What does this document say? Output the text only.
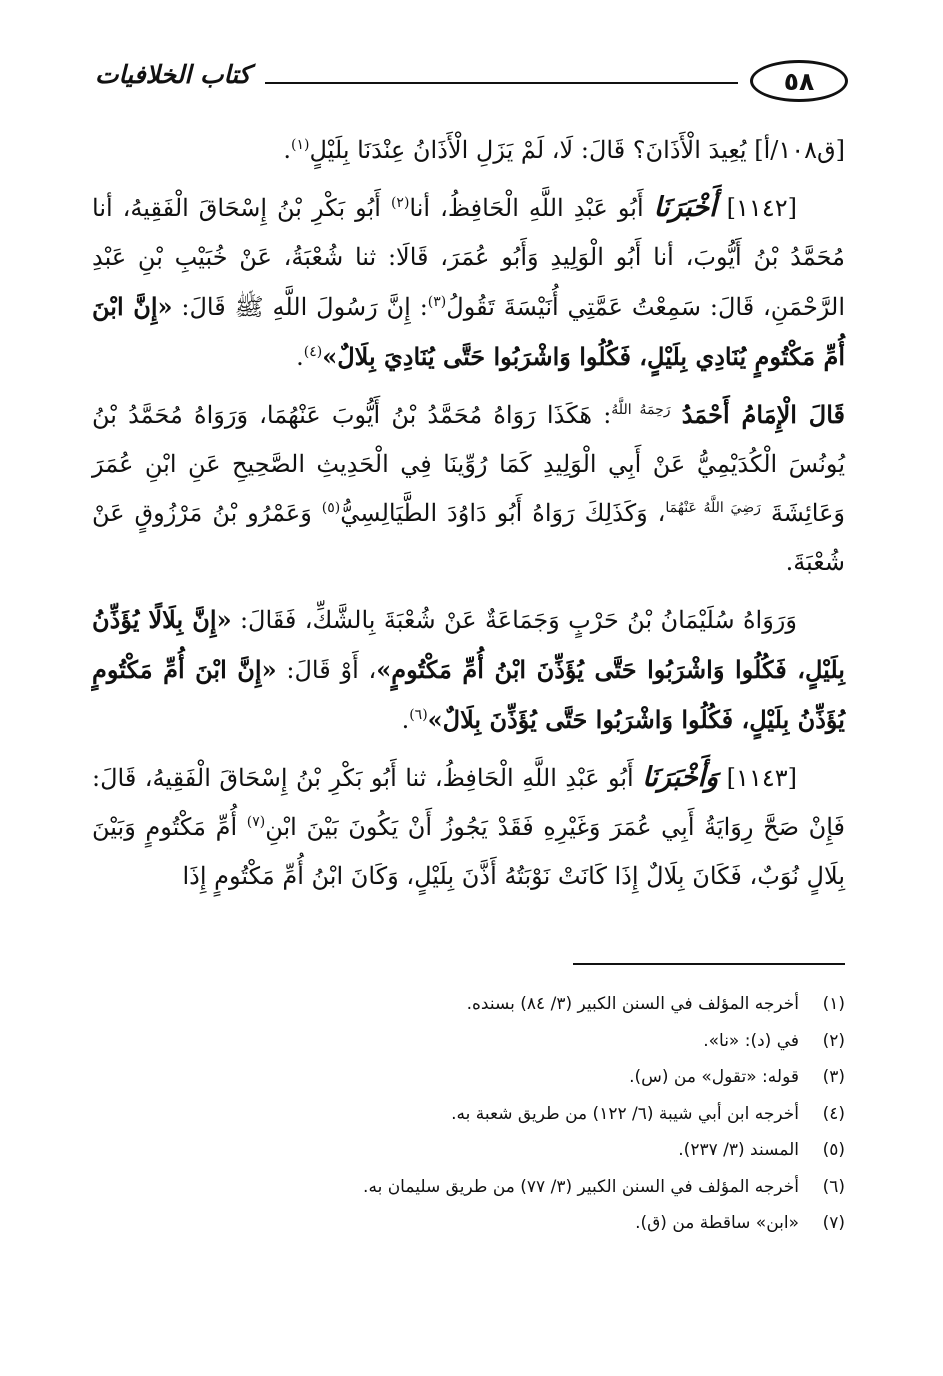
٥٨
كتاب الخلافيات

[ق١٠٨/أ] يُعِيدَ الْأَذَانَ؟ قَالَ: لَا، لَمْ يَزَلِ الْأَذَانُ عِنْدَنَا بِلَيْلٍ$^{(١)}$.

[١١٤٢] أَخْبَرَنَا أَبُو عَبْدِ اللَّهِ الْحَافِظُ، أنا$^{(٢)}$ أَبُو بَكْرِ بْنُ إِسْحَاقَ الْفَقِيهُ، أنا مُحَمَّدُ بْنُ أَيُّوبَ، أنا أَبُو الْوَلِيدِ وَأَبُو عُمَرَ، قَالَا: ثنا شُعْبَةُ، عَنْ خُبَيْبِ بْنِ عَبْدِ الرَّحْمَنِ، قَالَ: سَمِعْتُ عَمَّتِي أُنَيْسَةَ تَقُولُ$^{(٣)}$: إِنَّ رَسُولَ اللَّهِ ﷺ قَالَ: «إِنَّ ابْنَ أُمِّ مَكْتُومٍ يُنَادِي بِلَيْلٍ، فَكُلُوا وَاشْرَبُوا حَتَّى يُنَادِيَ بِلَالٌ»$^{(٤)}$.

قَالَ الْإِمَامُ أَحْمَدُ $^{رَحِمَهُ اللَّهُ}$: هَكَذَا رَوَاهُ مُحَمَّدُ بْنُ أَيُّوبَ عَنْهُمَا، وَرَوَاهُ مُحَمَّدُ بْنُ يُونُسَ الْكُدَيْمِيُّ عَنْ أَبِي الْوَلِيدِ كَمَا رُوِّينَا فِي الْحَدِيثِ الصَّحِيحِ عَنِ ابْنِ عُمَرَ وَعَائِشَةَ $^{رَضِيَ اللَّهُ عَنْهُمَا}$، وَكَذَلِكَ رَوَاهُ أَبُو دَاوُدَ الطَّيَالِسِيُّ$^{(٥)}$ وَعَمْرُو بْنُ مَرْزُوقٍ عَنْ شُعْبَةَ.

وَرَوَاهُ سُلَيْمَانُ بْنُ حَرْبٍ وَجَمَاعَةٌ عَنْ شُعْبَةَ بِالشَّكِّ، فَقَالَ: «إِنَّ بِلَالًا يُؤَذِّنُ بِلَيْلٍ، فَكُلُوا وَاشْرَبُوا حَتَّى يُؤَذِّنَ ابْنُ أُمِّ مَكْتُومٍ»، أَوْ قَالَ: «إِنَّ ابْنَ أُمِّ مَكْتُومٍ يُؤَذِّنُ بِلَيْلٍ، فَكُلُوا وَاشْرَبُوا حَتَّى يُؤَذِّنَ بِلَالٌ»$^{(٦)}$.

[١١٤٣] وَأَخْبَرَنَا أَبُو عَبْدِ اللَّهِ الْحَافِظُ، ثنا أَبُو بَكْرِ بْنُ إِسْحَاقَ الْفَقِيهُ، قَالَ: فَإِنْ صَحَّ رِوَايَةُ أَبِي عُمَرَ وَغَيْرِهِ فَقَدْ يَجُوزُ أَنْ يَكُونَ بَيْنَ ابْنِ$^{(٧)}$ أُمِّ مَكْتُومٍ وَبَيْنَ بِلَالٍ نُوَبٌ، فَكَانَ بِلَالٌ إِذَا كَانَتْ نَوْبَتُهُ أَذَّنَ بِلَيْلٍ، وَكَانَ ابْنُ أُمِّ مَكْتُومٍ إِذَا

(١)
أخرجه المؤلف في السنن الكبير (٣/ ٨٤) بسنده.
(٢)
في (د): «نا».
(٣)
قوله: «تقول» من (س).
(٤)
أخرجه ابن أبي شيبة (٦/ ١٢٢) من طريق شعبة به.
(٥)
المسند (٣/ ٢٣٧).
(٦)
أخرجه المؤلف في السنن الكبير (٣/ ٧٧) من طريق سليمان به.
(٧)
«ابن» ساقطة من (ق).
